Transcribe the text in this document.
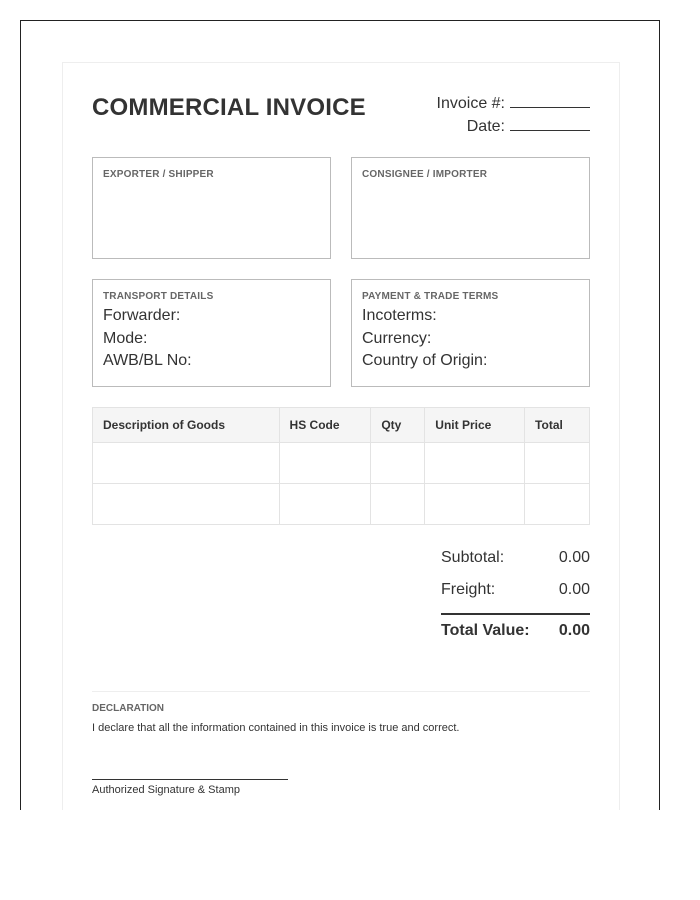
COMMERCIAL INVOICE	Invoice #:
Date:
EXPORTER / SHIPPER	CONSIGNEE / IMPORTER
TRANSPORT DETAILS
Forwarder:
Mode:
AWB/BL No:
PAYMENT & TRADE TERMS
Incoterms:
Currency:
Country of Origin:
Description of Goods	HS Code	Qty	Unit Price	Total

Subtotal:	0.00
Freight:	0.00
Total Value: 0.00
DECLARATION
I declare that all the information contained in this invoice is true and correct.
Authorized Signature & Stamp
